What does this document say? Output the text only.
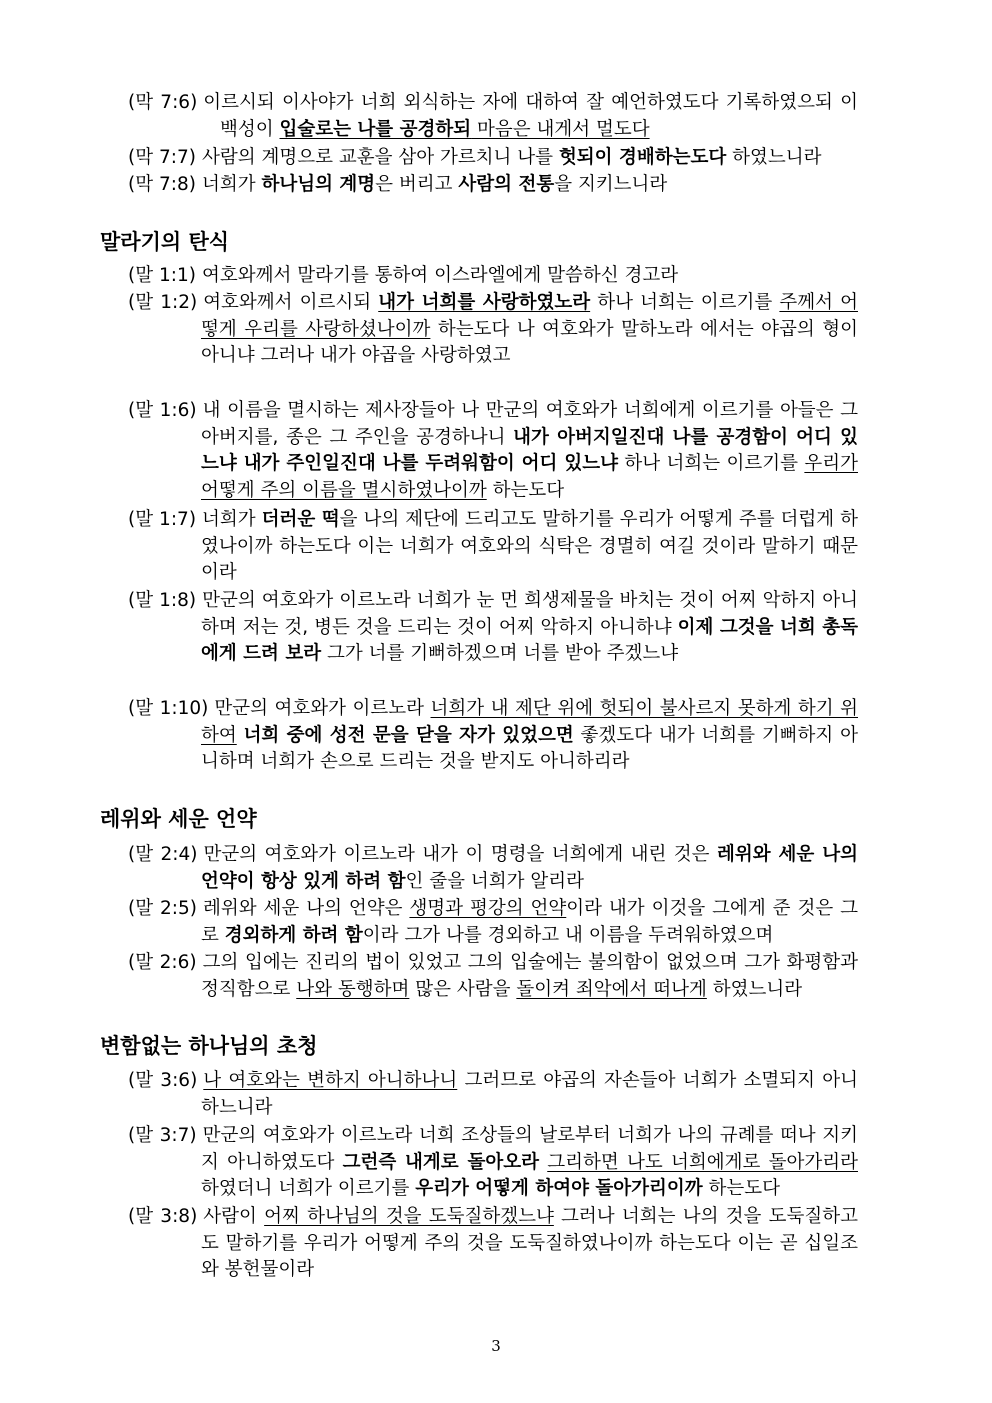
(막 7:6) 이르시되 이사야가 너희 외식하는 자에 대하여 잘 예언하였도다 기록하였으되 이 백성이 입술로는 나를 공경하되 마음은 내게서 멀도다
(막 7:7) 사람의 계명으로 교훈을 삼아 가르치니 나를 헛되이 경배하는도다 하였느니라
(막 7:8) 너희가 하나님의 계명은 버리고 사람의 전통을 지키느니라
말라기의 탄식
(말 1:1) 여호와께서 말라기를 통하여 이스라엘에게 말씀하신 경고라
(말 1:2) 여호와께서 이르시되 내가 너희를 사랑하였노라 하나 너희는 이르기를 주께서 어떻게 우리를 사랑하셨나이까 하는도다 나 여호와가 말하노라 에서는 야곱의 형이 아니냐 그러나 내가 야곱을 사랑하였고
(말 1:6) 내 이름을 멸시하는 제사장들아 나 만군의 여호와가 너희에게 이르기를 아들은 그 아버지를, 종은 그 주인을 공경하나니 내가 아버지일진대 나를 공경함이 어디 있느냐 내가 주인일진대 나를 두려워함이 어디 있느냐 하나 너희는 이르기를 우리가 어떻게 주의 이름을 멸시하였나이까 하는도다
(말 1:7) 너희가 더러운 떡을 나의 제단에 드리고도 말하기를 우리가 어떻게 주를 더럽게 하였나이까 하는도다 이는 너희가 여호와의 식탁은 경멸히 여길 것이라 말하기 때문이라
(말 1:8) 만군의 여호와가 이르노라 너희가 눈 먼 희생제물을 바치는 것이 어찌 악하지 아니하며 저는 것, 병든 것을 드리는 것이 어찌 악하지 아니하냐 이제 그것을 너희 총독에게 드려 보라 그가 너를 기뻐하겠으며 너를 받아 주겠느냐
(말 1:10) 만군의 여호와가 이르노라 너희가 내 제단 위에 헛되이 불사르지 못하게 하기 위하여 너희 중에 성전 문을 닫을 자가 있었으면 좋겠도다 내가 너희를 기뻐하지 아니하며 너희가 손으로 드리는 것을 받지도 아니하리라
레위와 세운 언약
(말 2:4) 만군의 여호와가 이르노라 내가 이 명령을 너희에게 내린 것은 레위와 세운 나의 언약이 항상 있게 하려 함인 줄을 너희가 알리라
(말 2:5) 레위와 세운 나의 언약은 생명과 평강의 언약이라 내가 이것을 그에게 준 것은 그로 경외하게 하려 함이라 그가 나를 경외하고 내 이름을 두려워하였으며
(말 2:6) 그의 입에는 진리의 법이 있었고 그의 입술에는 불의함이 없었으며 그가 화평함과 정직함으로 나와 동행하며 많은 사람을 돌이켜 죄악에서 떠나게 하였느니라
변함없는 하나님의 초청
(말 3:6) 나 여호와는 변하지 아니하나니 그러므로 야곱의 자손들아 너희가 소멸되지 아니하느니라
(말 3:7) 만군의 여호와가 이르노라 너희 조상들의 날로부터 너희가 나의 규례를 떠나 지키지 아니하였도다 그런즉 내게로 돌아오라 그리하면 나도 너희에게로 돌아가리라 하였더니 너희가 이르기를 우리가 어떻게 하여야 돌아가리이까 하는도다
(말 3:8) 사람이 어찌 하나님의 것을 도둑질하겠느냐 그러나 너희는 나의 것을 도둑질하고도 말하기를 우리가 어떻게 주의 것을 도둑질하였나이까 하는도다 이는 곧 십일조와 봉헌물이라
3
